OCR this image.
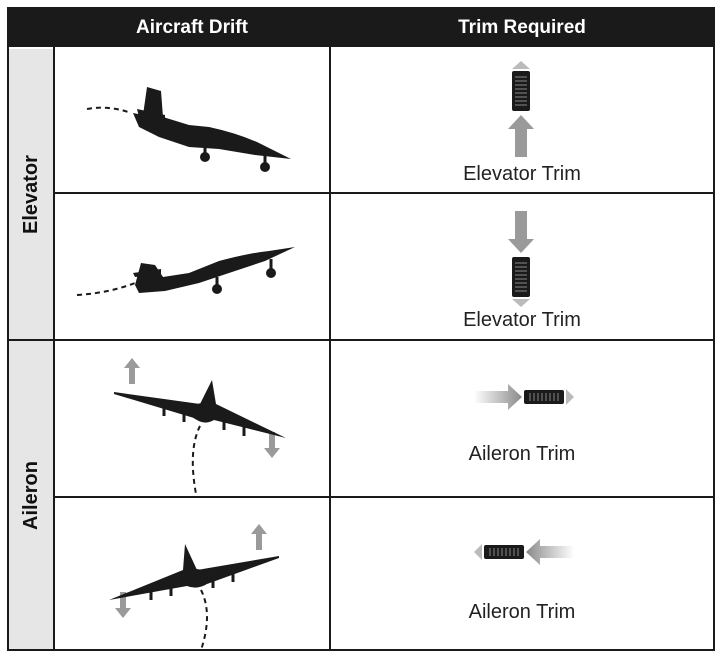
Aircraft Drift	Trim Required
Elevator
Aileron
Elevator Trim
Elevator Trim
Aileron Trim
Aileron Trim
